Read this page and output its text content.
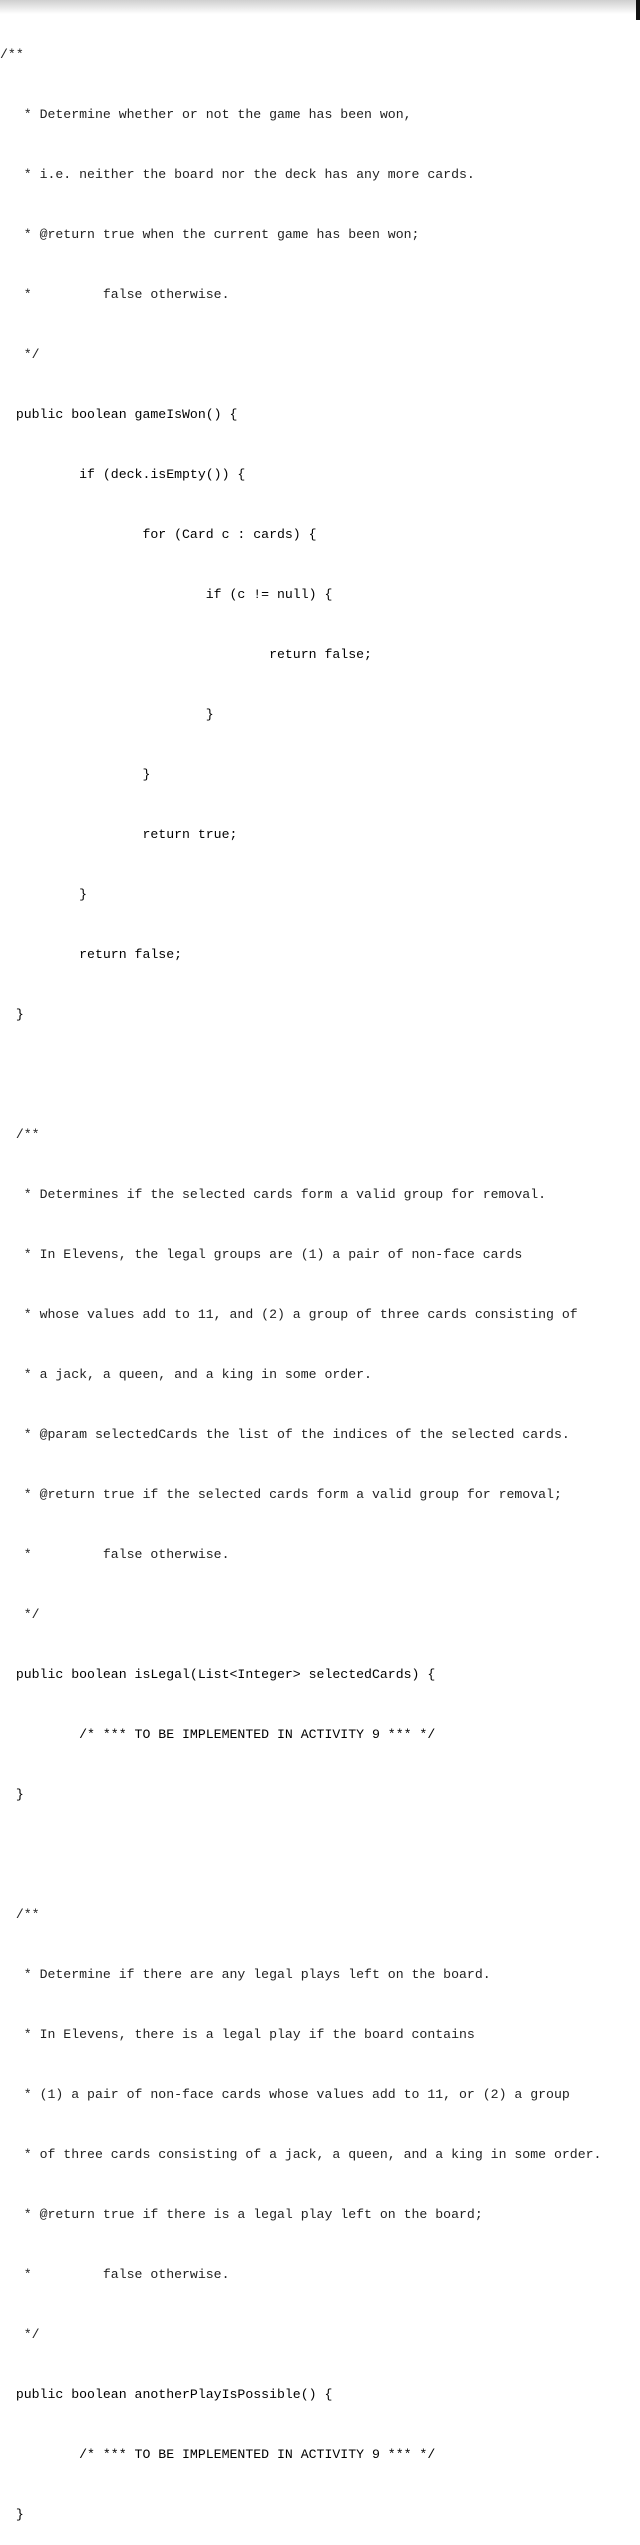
/**

* Determine whether or not the game has been won,

* i.e. neither the board nor the deck has any more cards.

* @return true when the current game has been won;

*         false otherwise.

*/

public boolean gameIsWon() {

if (deck.isEmpty()) {

for (Card c : cards) {

if (c != null) {

return false;

}

}

return true;

}

return false;

}

/**

* Determines if the selected cards form a valid group for removal.

* In Elevens, the legal groups are (1) a pair of non-face cards

* whose values add to 11, and (2) a group of three cards consisting of

* a jack, a queen, and a king in some order.

* @param selectedCards the list of the indices of the selected cards.

* @return true if the selected cards form a valid group for removal;

*         false otherwise.

*/

public boolean isLegal(List<Integer> selectedCards) {

/* *** TO BE IMPLEMENTED IN ACTIVITY 9 *** */

}

/**

* Determine if there are any legal plays left on the board.

* In Elevens, there is a legal play if the board contains

* (1) a pair of non-face cards whose values add to 11, or (2) a group

* of three cards consisting of a jack, a queen, and a king in some order.

* @return true if there is a legal play left on the board;

*         false otherwise.

*/

public boolean anotherPlayIsPossible() {

/* *** TO BE IMPLEMENTED IN ACTIVITY 9 *** */

}
